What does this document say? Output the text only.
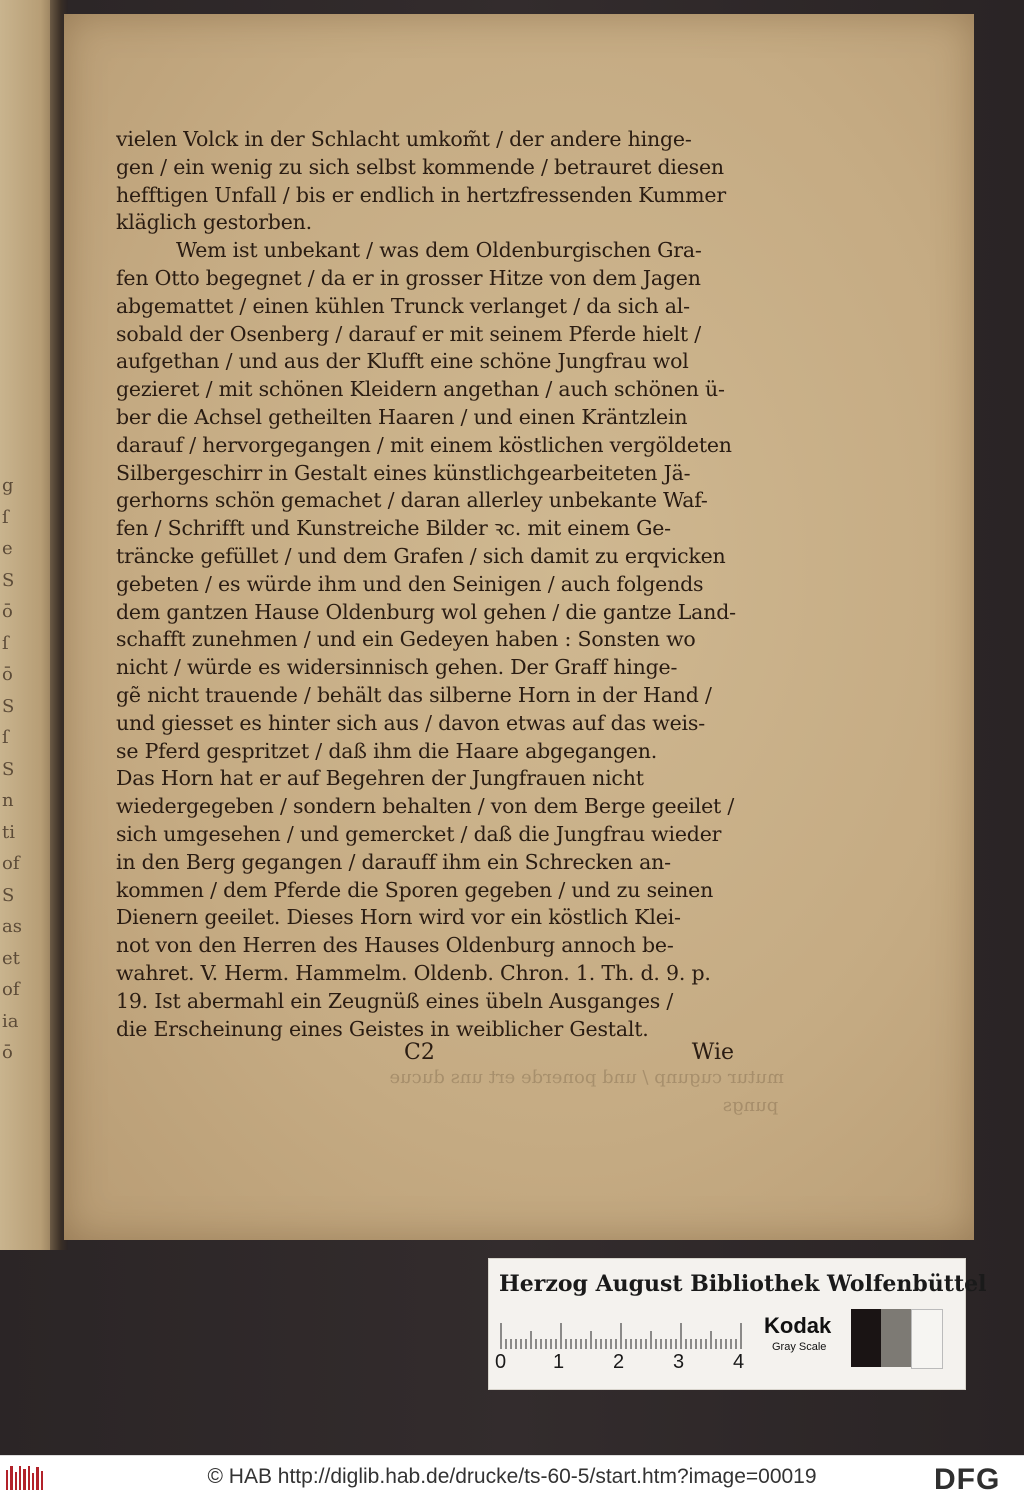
g
ſ
e
S
ō
ſ
ō
S
ſ
S
n
ti
of
S
as
et
of
ia
ō
vielen Volck in der Schlacht umkom̃t / der andere hinge-
gen / ein wenig zu sich selbst kommende / betrauret diesen
hefftigen Unfall / bis er endlich in hertzfressenden Kummer
kläglich gestorben.
Wem ist unbekant / was dem Oldenburgischen Gra-
fen Otto begegnet / da er in grosser Hitze von dem Jagen
abgemattet / einen kühlen Trunck verlanget / da sich al-
sobald der Osenberg / darauf er mit seinem Pferde hielt /
aufgethan / und aus der Klufft eine schöne Jungfrau wol
gezieret / mit schönen Kleidern angethan / auch schönen ü-
ber die Achsel getheilten Haaren / und einen Kräntzlein
darauf / hervorgegangen / mit einem köstlichen vergöldeten
Silbergeschirr in Gestalt eines künstlichgearbeiteten Jä-
gerhorns schön gemachet / daran allerley unbekante Waf-
fen / Schrifft und Kunstreiche Bilder ꝛc. mit einem Ge-
träncke gefüllet / und dem Grafen / sich damit zu erqvicken
gebeten / es würde ihm und den Seinigen / auch folgends
dem gantzen Hause Oldenburg wol gehen / die gantze Land-
schafft zunehmen / und ein Gedeyen haben : Sonsten wo
nicht / würde es widersinnisch gehen. Der Graff hinge-
gẽ nicht trauende / behält das silberne Horn in der Hand /
und giesset es hinter sich aus / davon etwas auf das weis-
se Pferd gespritzet / daß ihm die Haare abgegangen.
Das Horn hat er auf Begehren der Jungfrauen nicht
wiedergegeben / sondern behalten / von dem Berge geeilet /
sich umgesehen / und gemercket / daß die Jungfrau wieder
in den Berg gegangen / darauff ihm ein Schrecken an-
kommen / dem Pferde die Sporen gegeben / und zu seinen
Dienern geeilet. Dieses Horn wird vor ein köstlich Klei-
not von den Herren des Hauses Oldenburg annoch be-
wahret. V. Herm. Hammelm. Oldenb. Chron. 1. Th. d. 9. p.
19. Ist abermahl ein Zeugnüß eines übeln Ausganges /
die Erscheinung eines Geistes in weiblicher Gestalt.
mutur cugunp / und ponerde ert uns ducue
pungs
C2	Wie
Herzog August Bibliothek Wolfenbüttel
0 1 2 3 4
Kodak
Gray Scale
© HAB http://diglib.hab.de/drucke/ts-60-5/start.htm?image=00019	DFG
